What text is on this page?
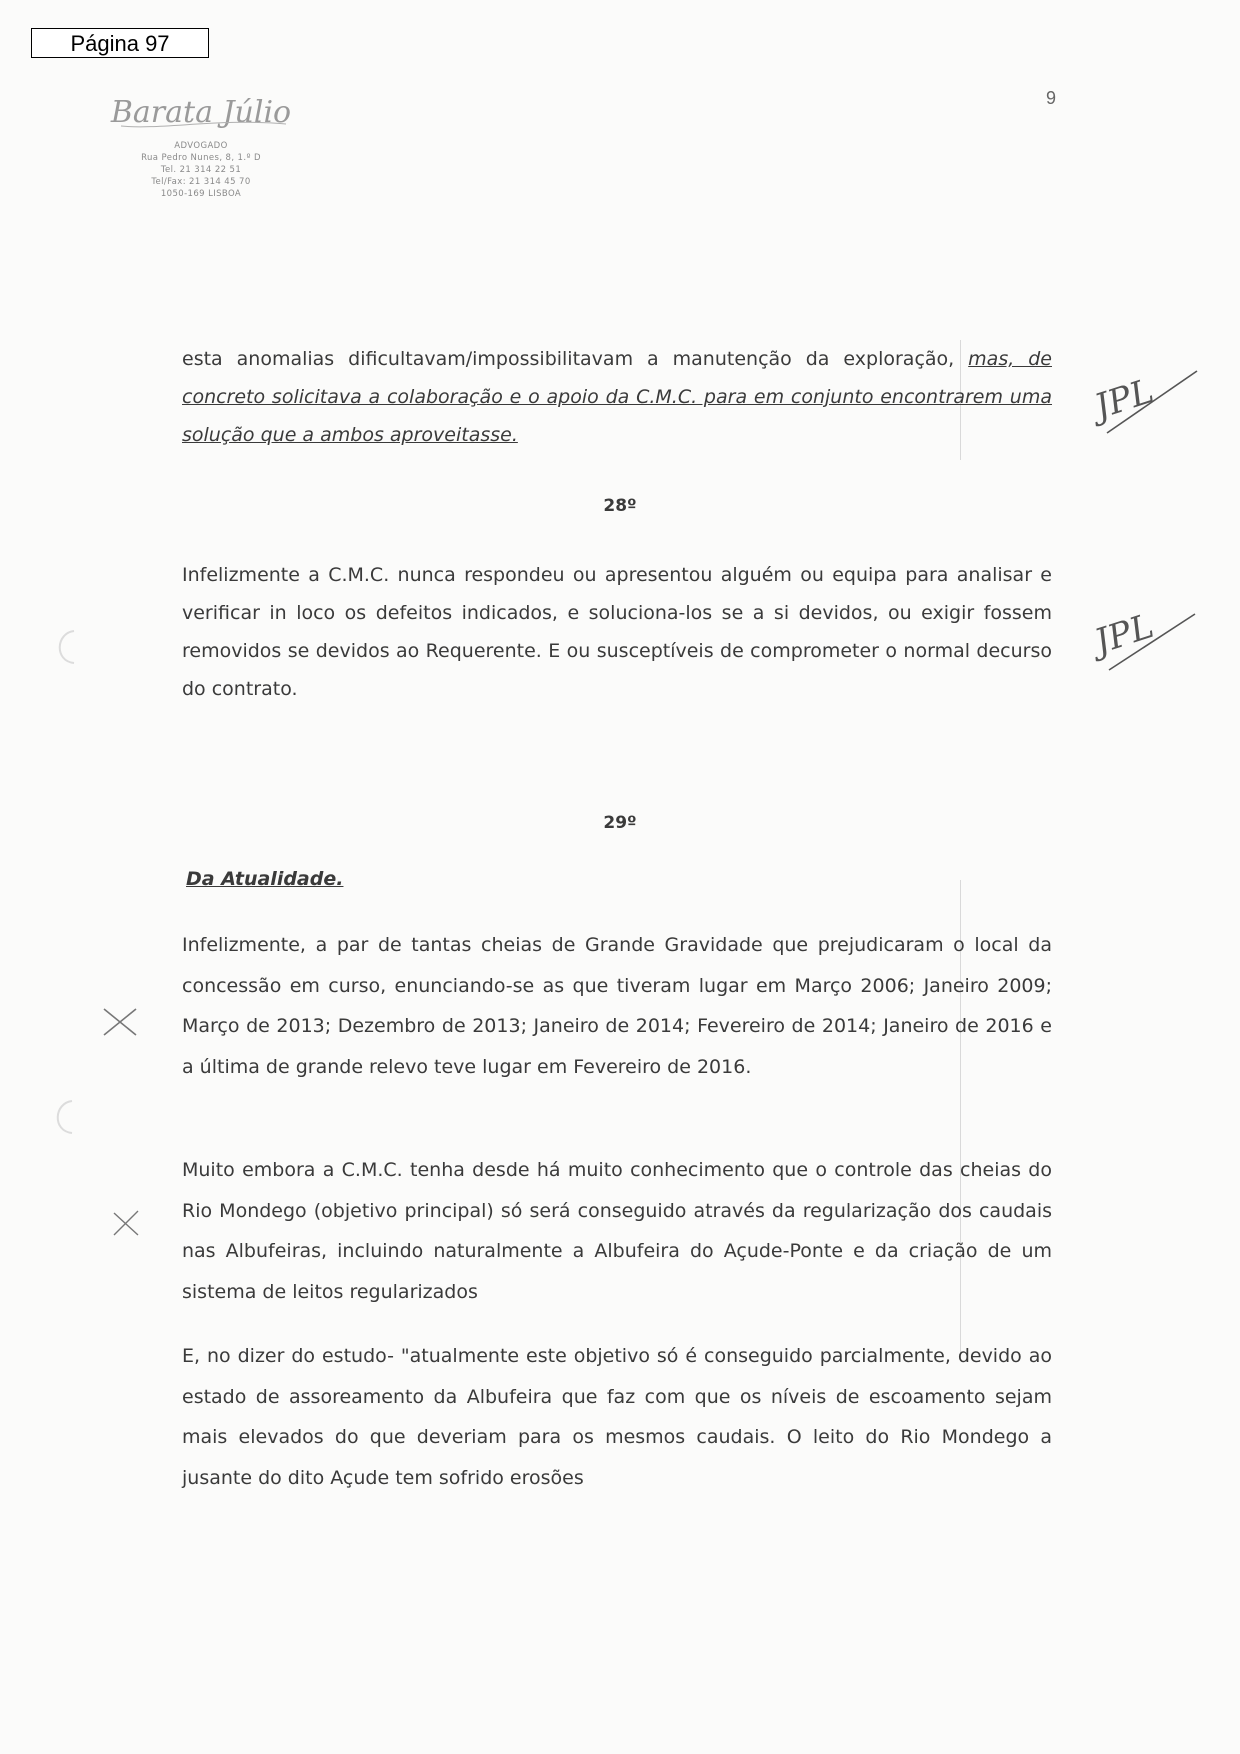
Página 97
9
Barata Júlio
ADVOGADO
Rua Pedro Nunes, 8, 1.º D
Tel. 21 314 22 51
Tel/Fax: 21 314 45 70
1050-169 LISBOA

esta anomalias dificultavam/impossibilitavam a manutenção da exploração, mas, de concreto solicitava a colaboração e o apoio da C.M.C. para em conjunto encontrarem uma solução que a ambos aproveitasse.

28º

Infelizmente a C.M.C. nunca respondeu ou apresentou alguém ou equipa para analisar e verificar in loco os defeitos indicados, e soluciona-los se a si devidos, ou exigir fossem removidos se devidos ao Requerente. E ou susceptíveis de comprometer o normal decurso do contrato.

29º
Da Atualidade.

Infelizmente, a par de tantas cheias de Grande Gravidade que prejudicaram o local da concessão em curso, enunciando-se as que tiveram lugar em Março 2006; Janeiro 2009; Março de 2013; Dezembro de 2013; Janeiro de 2014; Fevereiro de 2014; Janeiro de 2016 e a última de grande relevo teve lugar em Fevereiro de 2016.

Muito embora a C.M.C. tenha desde há muito conhecimento que o controle das cheias do Rio Mondego (objetivo principal) só será conseguido através da regularização dos caudais nas Albufeiras, incluindo naturalmente a Albufeira do Açude-Ponte e da criação de um sistema de leitos regularizados

E, no dizer do estudo- "atualmente este objetivo só é conseguido parcialmente, devido ao estado de assoreamento da Albufeira que faz com que os níveis de escoamento sejam mais elevados do que deveriam para os mesmos caudais. O leito do Rio Mondego a jusante do dito Açude tem sofrido erosões

JPL
JPL
